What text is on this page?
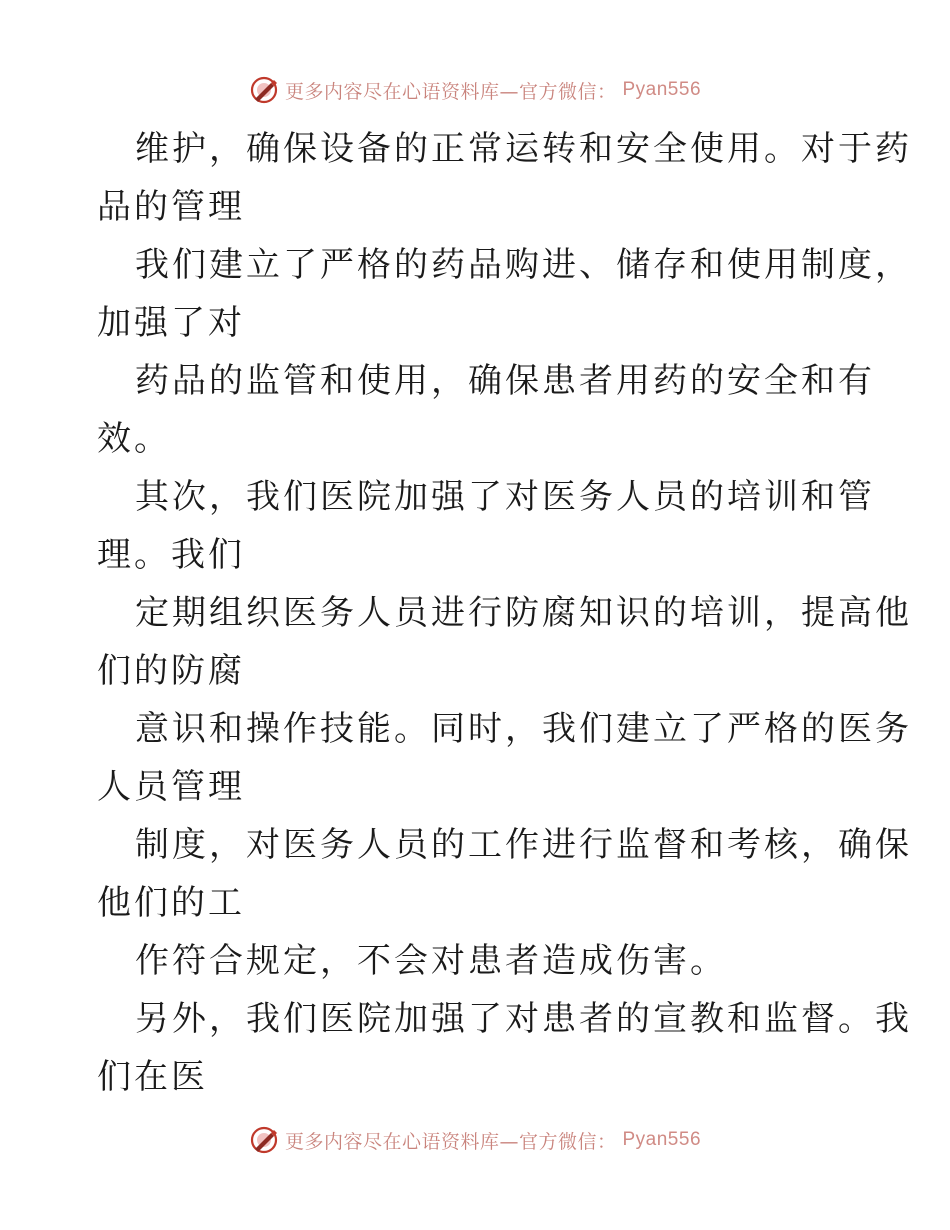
更多内容尽在心语资料库—官方微信： Pyan556
维护，确保设备的正常运转和安全使用。对于药
品的管理
我们建立了严格的药品购进、储存和使用制度，
加强了对
药品的监管和使用，确保患者用药的安全和有
效。
其次，我们医院加强了对医务人员的培训和管
理。我们
定期组织医务人员进行防腐知识的培训，提高他
们的防腐
意识和操作技能。同时，我们建立了严格的医务
人员管理
制度，对医务人员的工作进行监督和考核，确保
他们的工
作符合规定，不会对患者造成伤害。
另外，我们医院加强了对患者的宣教和监督。我
们在医
更多内容尽在心语资料库—官方微信： Pyan556
